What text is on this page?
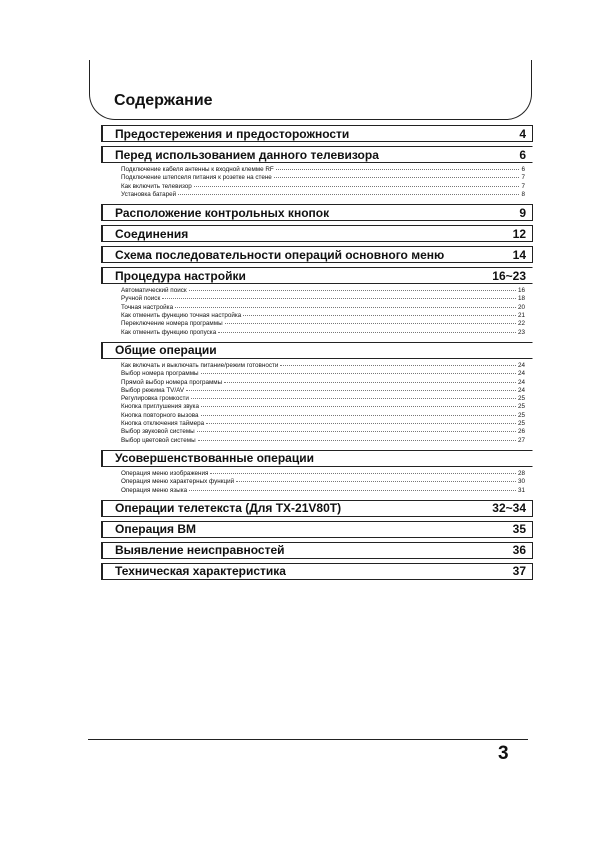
Содержание
Предостережения и предосторожности	4
Перед использованием данного телевизора	6
Подключение кабеля антенны к входной клемме RF	6
Подключение штепселя питания к розетке на стене	7
Как включить телевизор	7
Установка батарей	8
Расположение контрольных кнопок	9
Соединения	12
Схема последовательности операций основного меню	14
Процедура настройки	16~23
Автоматический поиск	16
Ручной поиск	18
Точная настройка	20
Как отменить функцию точная настройка	21
Переключение номера программы	22
Как отменить функцию пропуска	23
Общие операции
Как включать и выключать питание/режим готовности	24
Выбор номера программы	24
Прямой выбор номера программы	24
Выбор режима TV/AV	24
Регулировка громкости	25
Кнопка приглушения звука	25
Кнопка повторного вызова	25
Кнопка отключения таймера	25
Выбор звуковой системы	26
Выбор цветовой системы	27
Усовершенствованные операции
Операция меню изображения	28
Операция меню характерных функций	30
Операция меню языка	31
Операции телетекста (Для TX-21V80T)	32~34
Операция ВМ	35
Выявление неисправностей	36
Техническая характеристика	37
3
